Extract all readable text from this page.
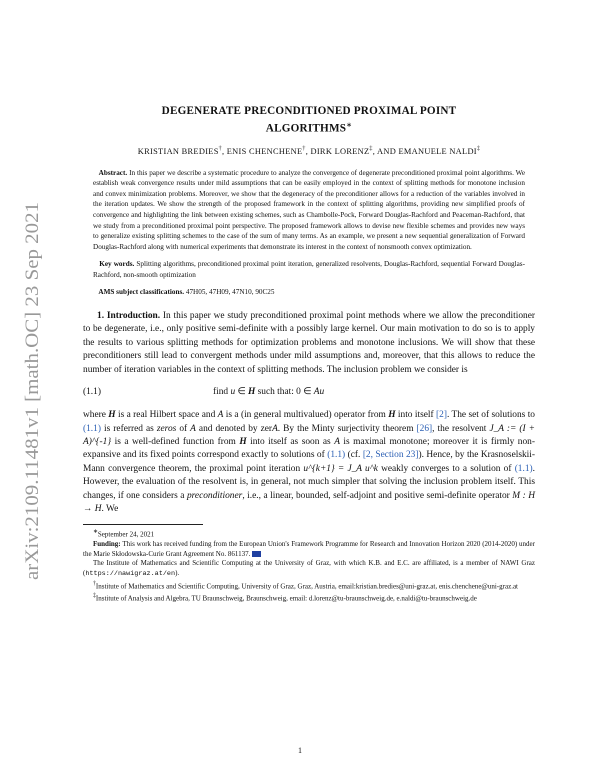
arXiv:2109.11481v1 [math.OC] 23 Sep 2021
DEGENERATE PRECONDITIONED PROXIMAL POINT
ALGORITHMS∗
KRISTIAN BREDIES†, ENIS CHENCHENE†, DIRK LORENZ‡, AND EMANUELE NALDI‡
Abstract. In this paper we describe a systematic procedure to analyze the convergence of degenerate preconditioned proximal point algorithms. We establish weak convergence results under mild assumptions that can be easily employed in the context of splitting methods for monotone inclusion and convex minimization problems. Moreover, we show that the degeneracy of the preconditioner allows for a reduction of the variables involved in the iteration updates. We show the strength of the proposed framework in the context of splitting algorithms, providing new simplified proofs of convergence and highlighting the link between existing schemes, such as Chambolle-Pock, Forward Douglas-Rachford and Peaceman-Rachford, that we study from a preconditioned proximal point perspective. The proposed framework allows to devise new flexible schemes and provides new ways to generalize existing splitting schemes to the case of the sum of many terms. As an example, we present a new sequential generalization of Forward Douglas-Rachford along with numerical experiments that demonstrate its interest in the context of nonsmooth convex optimization.
Key words. Splitting algorithms, preconditioned proximal point iteration, generalized resolvents, Douglas-Rachford, sequential Forward Douglas-Rachford, non-smooth optimization
AMS subject classifications. 47H05, 47H09, 47N10, 90C25

1. Introduction. In this paper we study preconditioned proximal point methods where we allow the preconditioner to be degenerate, i.e., only positive semi-definite with a possibly large kernel. Our main motivation to do so is to apply the results to various splitting methods for optimization problems and monotone inclusions. We will show that these preconditioners still lead to convergent methods under mild assumptions and, moreover, that this allows to reduce the number of iteration variables in the context of splitting methods. The inclusion problem we consider is

(1.1)	find u ∈ H such that: 0 ∈ Au

where H is a real Hilbert space and A is a (in general multivalued) operator from H into itself [2]. The set of solutions to (1.1) is referred as zeros of A and denoted by zerA. By the Minty surjectivity theorem [26], the resolvent J_A := (I + A)^{-1} is a well-defined function from H into itself as soon as A is maximal monotone; moreover it is firmly non-expansive and its fixed points correspond exactly to solutions of (1.1) (cf. [2, Section 23]). Hence, by the Krasnoselskii-Mann convergence theorem, the proximal point iteration u^{k+1} = J_A u^k weakly converges to a solution of (1.1). However, the evaluation of the resolvent is, in general, not much simpler that solving the inclusion problem itself. This changes, if one considers a preconditioner, i.e., a linear, bounded, self-adjoint and positive semi-definite operator M : H → H. We

∗September 24, 2021

Funding: This work has received funding from the European Union's Framework Programme for Research and Innovation Horizon 2020 (2014-2020) under the Marie Skłodowska-Curie Grant Agreement No. 861137.

The Institute of Mathematics and Scientific Computing at the University of Graz, with which K.B. and E.C. are affiliated, is a member of NAWI Graz (https://nawigraz.at/en).

†Institute of Mathematics and Scientific Computing, University of Graz, Graz, Austria, email:kristian.bredies@uni-graz.at, enis.chenchene@uni-graz.at

‡Institute of Analysis and Algebra, TU Braunschweig, Braunschweig, email: d.lorenz@tu-braunschweig.de, e.naldi@tu-braunschweig.de

1
